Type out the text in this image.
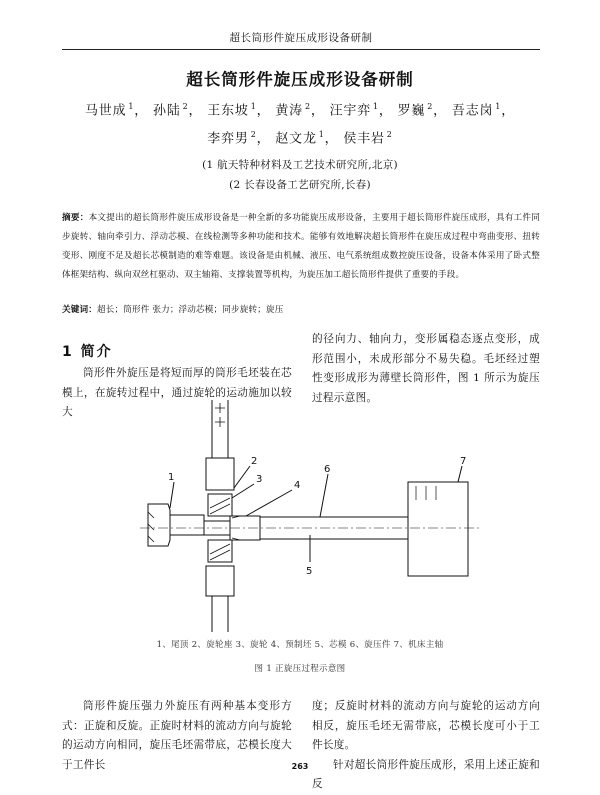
超长筒形件旋压成形设备研制
超长筒形件旋压成形设备研制
马世成 $^1$， 孙陆 $^2$， 王东坡 $^1$， 黄涛 $^2$， 汪宇弈 $^1$， 罗巍 $^2$， 吾志岗 $^1$，
李弈男 $^2$， 赵文龙 $^1$， 侯丰岩 $^2$
(1 航天特种材料及工艺技术研究所,北京)
(2 长春设备工艺研究所,长春)
摘要：本文提出的超长筒形件旋压成形设备是一种全新的多功能旋压成形设备，主要用于超长筒形件旋压成形，具有工件同步旋转、轴向牵引力、浮动芯模、在线检测等多种功能和技术。能够有效地解决超长筒形件在旋压成过程中弯曲变形、扭转变形、刚度不足及超长芯模制造的难等难题。该设备是由机械、液压、电气系统组成数控旋压设备，设备本体采用了卧式整体框架结构、纵向双丝杠驱动、双主轴箱、支撑装置等机构，为旋压加工超长筒形件提供了重要的手段。
关键词：超长；筒形件 张力；浮动芯模；同步旋转；旋压
1 简介
筒形件外旋压是将短而厚的筒形毛坯装在芯模上，在旋转过程中，通过旋轮的运动施加以较大
的径向力、轴向力，变形属稳态逐点变形，成形范围小，未成形部分不易失稳。毛坯经过塑性变形成形为薄壁长筒形件，图 1 所示为旋压过程示意图。
1
2
3
4
5
6
7
1、尾顶 2、旋轮座 3、旋轮 4、预制坯 5、芯模 6、旋压件 7、机床主轴
图 1 正旋压过程示意图
筒形件旋压强力外旋压有两种基本变形方式：正旋和反旋。正旋时材料的流动方向与旋轮的运动方向相同，旋压毛坯需带底，芯模长度大于工件长
度；反旋时材料的流动方向与旋轮的运动方向相反，旋压毛坯无需带底，芯模长度可小于工件长度。
针对超长筒形件旋压成形，采用上述正旋和反
263
